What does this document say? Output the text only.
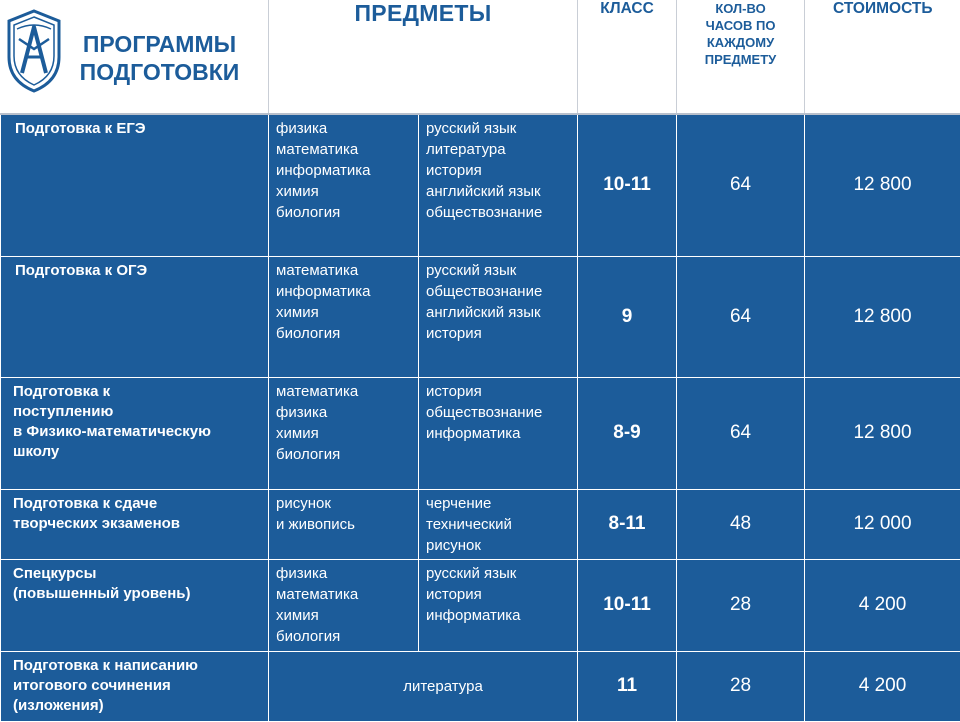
ПРОГРАММЫ
ПОДГОТОВКИ	ПРЕДМЕТЫ		КЛАСС	КОЛ-ВО
ЧАСОВ ПО
КАЖДОМУ
ПРЕДМЕТУ	СТОИМОСТЬ

Подготовка к ЕГЭ	физика
математика
информатика
химия
биология	русский язык
литература
история
английский язык
обществознание	10-11	64	12 800

Подготовка к ОГЭ	математика
информатика
химия
биология	русский язык
обществознание
английский язык
история	9	64	12 800

Подготовка к
поступлению
в Физико-математическую
школу	математика
физика
химия
биология	история
обществознание
информатика	8-9	64	12 800

Подготовка к сдаче
творческих экзаменов	рисунок
и живопись	черчение
технический
рисунок	8-11	48	12 000

Спецкурсы
(повышенный уровень)	физика
математика
химия
биология	русский язык
история
информатика	10-11	28	4 200

Подготовка к написанию
итогового сочинения
(изложения)	литература		11	28	4 200
